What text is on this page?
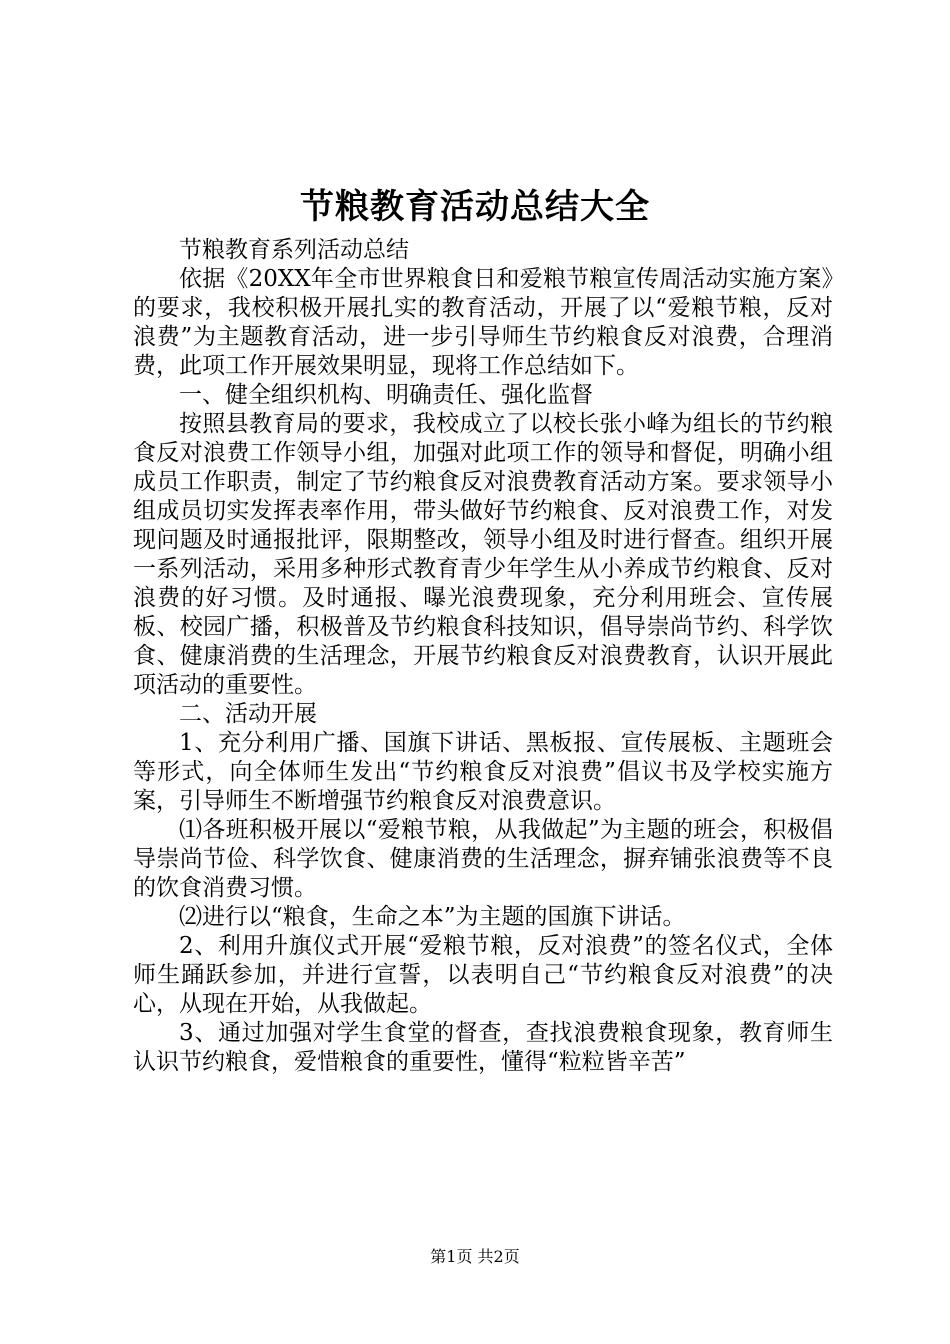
节粮教育活动总结大全

节粮教育系列活动总结

依据《20XX年全市世界粮食日和爱粮节粮宣传周活动实施方案》的要求，我校积极开展扎实的教育活动，开展了以“爱粮节粮，反对浪费”为主题教育活动，进一步引导师生节约粮食反对浪费，合理消费，此项工作开展效果明显，现将工作总结如下。

一、健全组织机构、明确责任、强化监督

按照县教育局的要求，我校成立了以校长张小峰为组长的节约粮食反对浪费工作领导小组，加强对此项工作的领导和督促，明确小组成员工作职责，制定了节约粮食反对浪费教育活动方案。要求领导小组成员切实发挥表率作用，带头做好节约粮食、反对浪费工作，对发现问题及时通报批评，限期整改，领导小组及时进行督查。组织开展一系列活动，采用多种形式教育青少年学生从小养成节约粮食、反对浪费的好习惯。及时通报、曝光浪费现象，充分利用班会、宣传展板、校园广播，积极普及节约粮食科技知识，倡导崇尚节约、科学饮食、健康消费的生活理念，开展节约粮食反对浪费教育，认识开展此项活动的重要性。

二、活动开展

1、充分利用广播、国旗下讲话、黑板报、宣传展板、主题班会等形式，向全体师生发出“节约粮食反对浪费”倡议书及学校实施方案，引导师生不断增强节约粮食反对浪费意识。

⑴各班积极开展以“爱粮节粮，从我做起”为主题的班会，积极倡导崇尚节俭、科学饮食、健康消费的生活理念，摒弃铺张浪费等不良的饮食消费习惯。

⑵进行以“粮食，生命之本”为主题的国旗下讲话。

2、利用升旗仪式开展“爱粮节粮，反对浪费”的签名仪式，全体师生踊跃参加，并进行宣誓，以表明自己“节约粮食反对浪费”的决心，从现在开始，从我做起。

3、通过加强对学生食堂的督查，查找浪费粮食现象，教育师生认识节约粮食，爱惜粮食的重要性，懂得“粒粒皆辛苦”

第1页 共2页
